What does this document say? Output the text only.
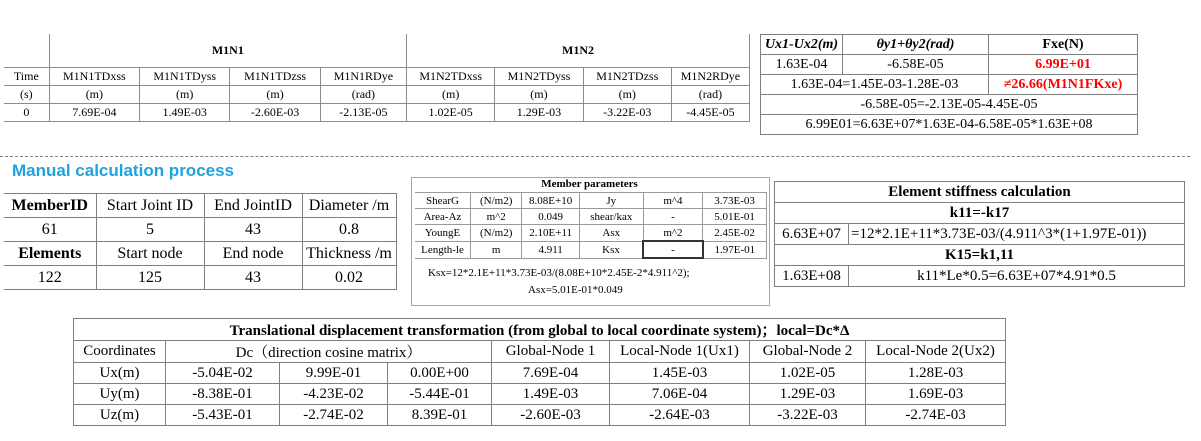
	M1N1				M1N2			
Time	M1N1TDxss	M1N1TDyss	M1N1TDzss	M1N1RDye	M1N2TDxss	M1N2TDyss	M1N2TDzss	M1N2RDye
(s)	(m)	(m)	(m)	(rad)	(m)	(m)	(m)	(rad)
0	7.69E-04	1.49E-03	-2.60E-03	-2.13E-05	1.02E-05	1.29E-03	-3.22E-03	-4.45E-05
Ux1-Ux2(m)	θy1+θy2(rad)	Fxe(N)
1.63E-04	-6.58E-05	6.99E+01
1.63E-04=1.45E-03-1.28E-03		≠26.66(M1N1FKxe)
-6.58E-05=-2.13E-05-4.45E-05		
6.99E01=6.63E+07*1.63E-04-6.58E-05*1.63E+08		
Manual calculation process
MemberID	Start Joint ID	End JointID	Diameter /m
61	5	43	0.8
Elements	Start node	End node	Thickness /m
122	125	43	0.02
Member parameters
ShearG	(N/m2)	8.08E+10	Jy	m^4	3.73E-03
Area-Az	m^2	0.049	shear/kax	-	5.01E-01
YoungE	(N/m2)	2.10E+11	Asx	m^2	2.45E-02
Length-le	m	4.911	Ksx	-	1.97E-01
Ksx=12*2.1E+11*3.73E-03/(8.08E+10*2.45E-2*4.911^2);
Asx=5.01E-01*0.049
Element stiffness calculation	
k11=-k17	
6.63E+07	=12*2.1E+11*3.73E-03/(4.911^3*(1+1.97E-01))
K15=k1,11	
1.63E+08	k11*Le*0.5=6.63E+07*4.91*0.5
Translational displacement transformation (from global to local coordinate system)；local=Dc*Δ							
Coordinates	Dc（direction cosine matrix）			Global-Node 1	Local-Node 1(Ux1)	Global-Node 2	Local-Node 2(Ux2)
Ux(m)	-5.04E-02	9.99E-01	0.00E+00	7.69E-04	1.45E-03	1.02E-05	1.28E-03
Uy(m)	-8.38E-01	-4.23E-02	-5.44E-01	1.49E-03	7.06E-04	1.29E-03	1.69E-03
Uz(m)	-5.43E-01	-2.74E-02	8.39E-01	-2.60E-03	-2.64E-03	-3.22E-03	-2.74E-03
